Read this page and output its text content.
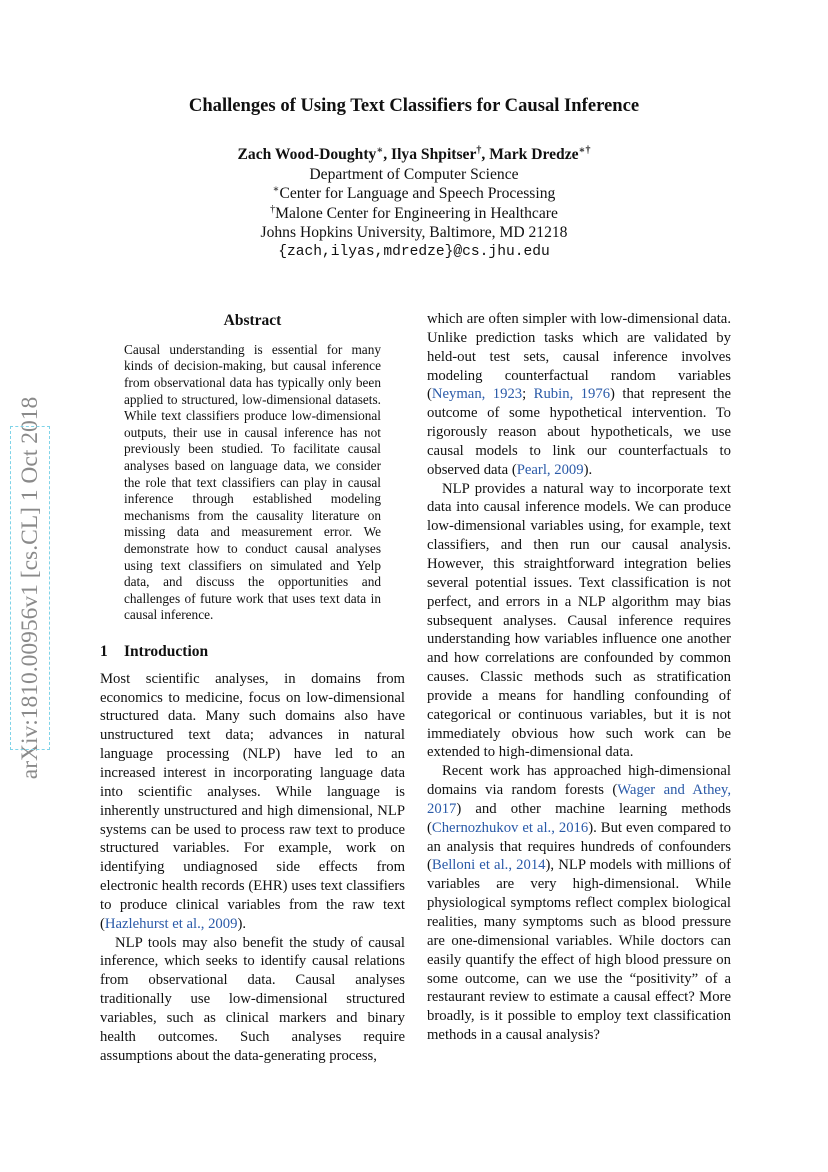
arXiv:1810.00956v1 [cs.CL] 1 Oct 2018
Challenges of Using Text Classifiers for Causal Inference
Zach Wood-Doughty∗, Ilya Shpitser†, Mark Dredze∗†
Department of Computer Science
∗Center for Language and Speech Processing
†Malone Center for Engineering in Healthcare
Johns Hopkins University, Baltimore, MD 21218
{zach,ilyas,mdredze}@cs.jhu.edu
Abstract

Causal understanding is essential for many kinds of decision-making, but causal inference from observational data has typically only been applied to structured, low-dimensional datasets. While text classifiers produce low-dimensional outputs, their use in causal inference has not previously been studied. To facilitate causal analyses based on language data, we consider the role that text classifiers can play in causal inference through established modeling mechanisms from the causality literature on missing data and measurement error. We demonstrate how to conduct causal analyses using text classifiers on simulated and Yelp data, and discuss the opportunities and challenges of future work that uses text data in causal inference.

1	Introduction

Most scientific analyses, in domains from economics to medicine, focus on low-dimensional structured data. Many such domains also have unstructured text data; advances in natural language processing (NLP) have led to an increased interest in incorporating language data into scientific analyses. While language is inherently unstructured and high dimensional, NLP systems can be used to process raw text to produce structured variables. For example, work on identifying undiagnosed side effects from electronic health records (EHR) uses text classifiers to produce clinical variables from the raw text (Hazlehurst et al., 2009).

NLP tools may also benefit the study of causal inference, which seeks to identify causal relations from observational data. Causal analyses traditionally use low-dimensional structured variables, such as clinical markers and binary health outcomes. Such analyses require assumptions about the data-generating process,

which are often simpler with low-dimensional data. Unlike prediction tasks which are validated by held-out test sets, causal inference involves modeling counterfactual random variables (Neyman, 1923; Rubin, 1976) that represent the outcome of some hypothetical intervention. To rigorously reason about hypotheticals, we use causal models to link our counterfactuals to observed data (Pearl, 2009).

NLP provides a natural way to incorporate text data into causal inference models. We can produce low-dimensional variables using, for example, text classifiers, and then run our causal analysis. However, this straightforward integration belies several potential issues. Text classification is not perfect, and errors in a NLP algorithm may bias subsequent analyses. Causal inference requires understanding how variables influence one another and how correlations are confounded by common causes. Classic methods such as stratification provide a means for handling confounding of categorical or continuous variables, but it is not immediately obvious how such work can be extended to high-dimensional data.

Recent work has approached high-dimensional domains via random forests (Wager and Athey, 2017) and other machine learning methods (Chernozhukov et al., 2016). But even compared to an analysis that requires hundreds of confounders (Belloni et al., 2014), NLP models with millions of variables are very high-dimensional. While physiological symptoms reflect complex biological realities, many symptoms such as blood pressure are one-dimensional variables. While doctors can easily quantify the effect of high blood pressure on some outcome, can we use the “positivity” of a restaurant review to estimate a causal effect? More broadly, is it possible to employ text classification methods in a causal analysis?
